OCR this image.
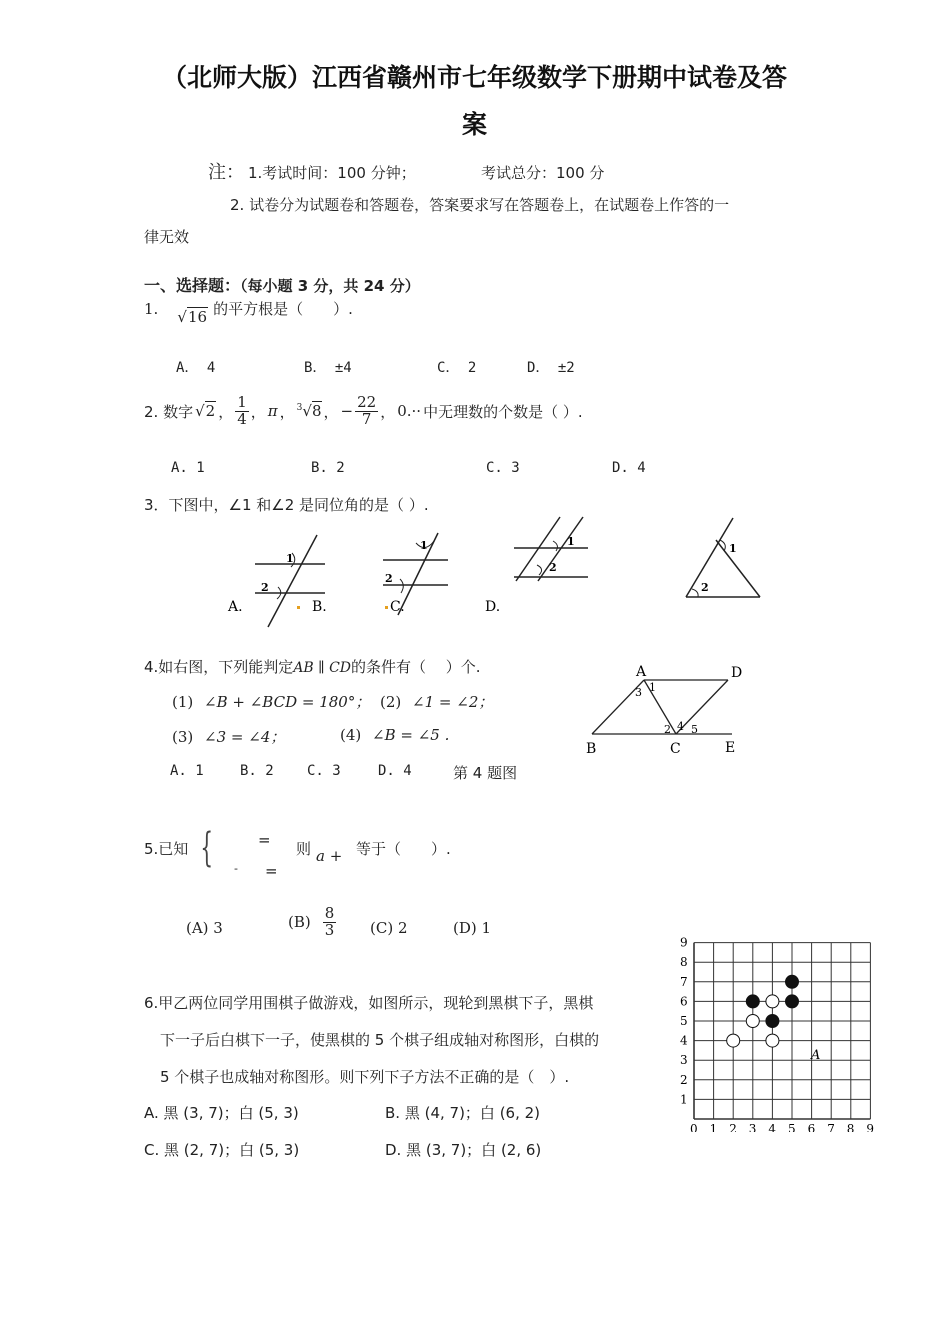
（北师大版）江西省赣州市七年级数学下册期中试卷及答
案
注： 1.考试时间：100 分钟；	考试总分：100 分
2. 试卷分为试题卷和答题卷，答案要求写在答题卷上，在试题卷上作答的一
律无效
一、选择题：（每小题 3 分，共 24 分）
1. √16 的平方根是（　　）.
A． 4	B． ±4	C． 2	D． ±2
2. 数字 √2 ， $\frac{1}{4}$ ， π ， $^3$√8 ， − $\frac{22}{7}$ ， 0.·· 中无理数的个数是（ ）.
A. 1	B. 2	C. 3	D. 4
3．下图中，∠1 和∠2 是同位角的是（ ）.
1
2
A.	B.
1
2
C.
1
2
D.
1
2
4.如右图，下列能判定AB ∥ CD的条件有（　 ）个.
(1) ∠B + ∠BCD = 180°； (2) ∠1 = ∠2；
(3) ∠3 = ∠4；	(4) ∠B = ∠5 .
A. 1	B. 2 C. 3	D. 4	第 4 题图
A	D
B	C	E
1
2
3
4 5
5.已知 {	=
- =
则 a + 等于（　　）.
(A) 3	$(B) \frac{8}{3} (C)$ 2	(D) 1
6.甲乙两位同学用围棋子做游戏，如图所示，现轮到黑棋下子，黑棋
下一子后白棋下一子，使黑棋的 5 个棋子组成轴对称图形，白棋的
5 个棋子也成轴对称图形。则下列下子方法不正确的是（　）.
A. 黑 (3, 7)；白 (5, 3)	B. 黑 (4, 7)；白 (6, 2)
C. 黑 (2, 7)；白 (5, 3)	D. 黑 (3, 7)；白 (2, 6)
0 1 2 3 4 5 6 7 8 9
1
2
3
4
5
6
7
8
9
A
